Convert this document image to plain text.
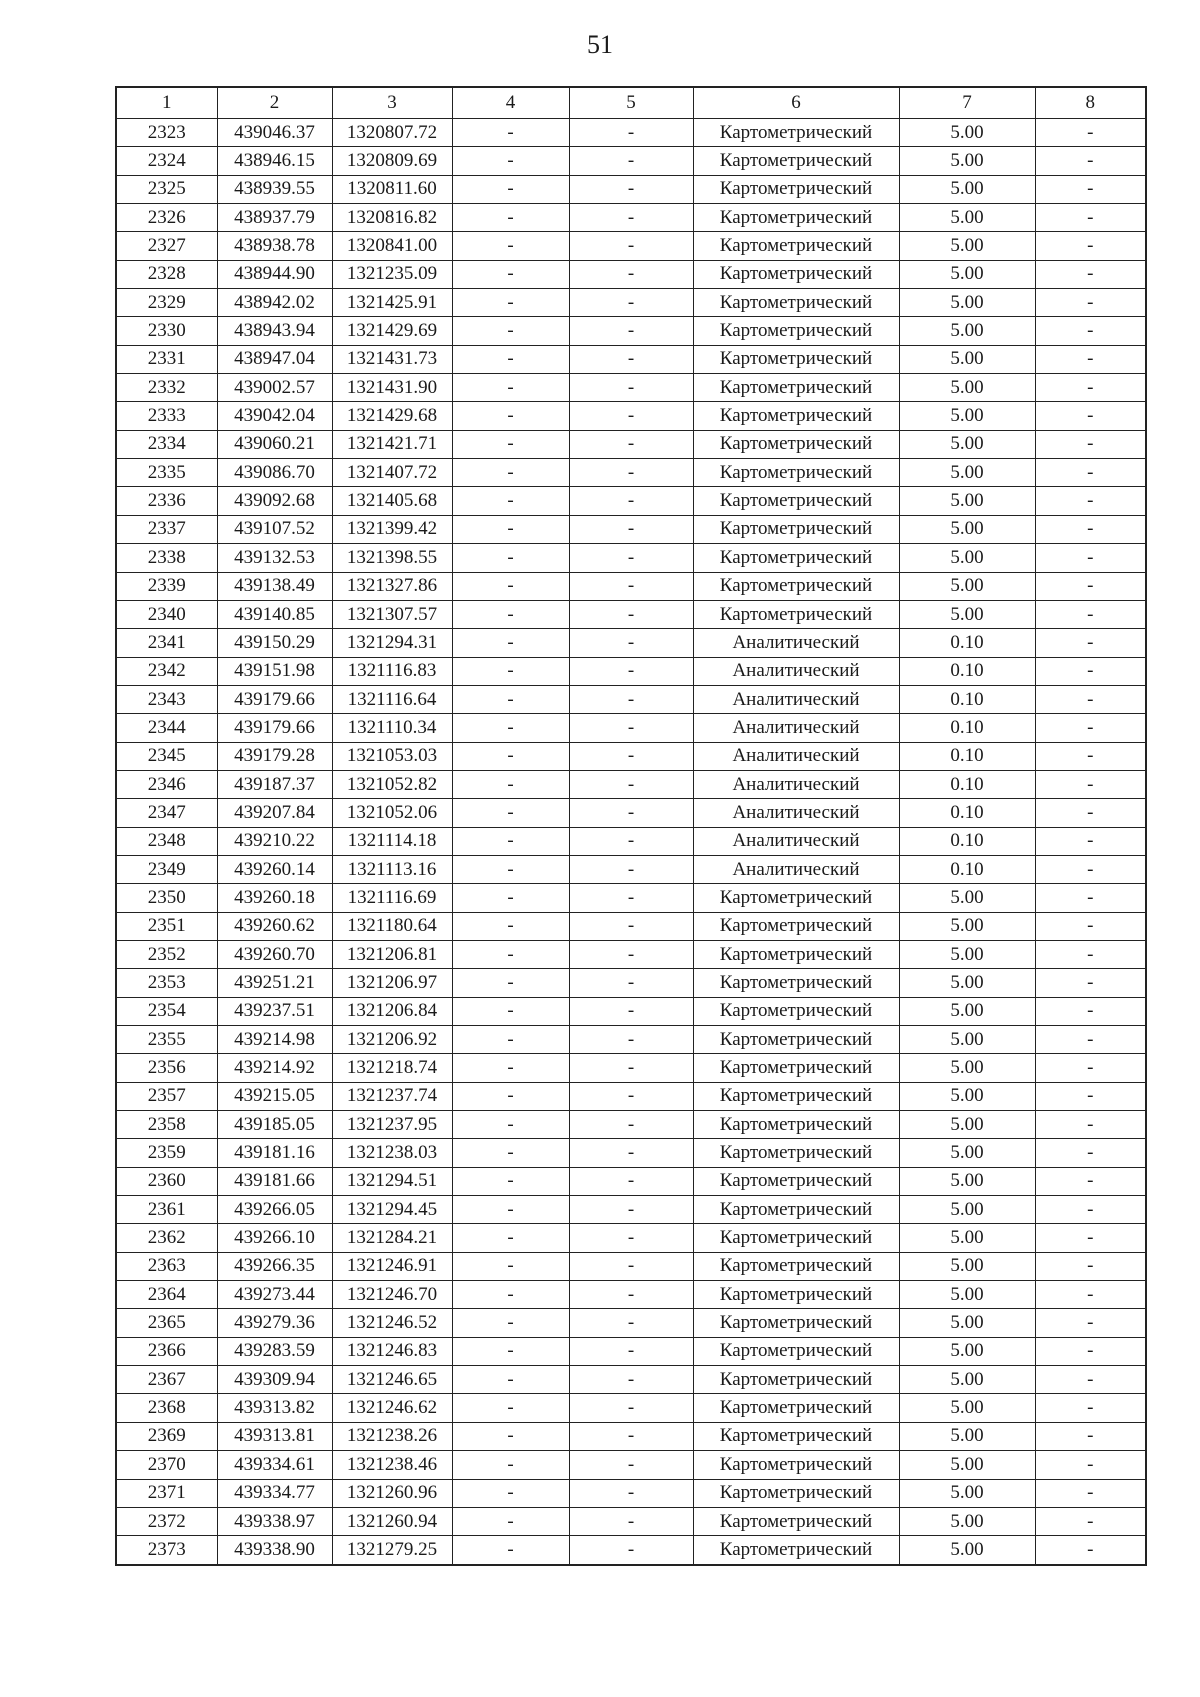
51
1	2	3	4	5	6	7	8
2323	439046.37	1320807.72	-	-	Картометрический	5.00	-
2324	438946.15	1320809.69	-	-	Картометрический	5.00	-
2325	438939.55	1320811.60	-	-	Картометрический	5.00	-
2326	438937.79	1320816.82	-	-	Картометрический	5.00	-
2327	438938.78	1320841.00	-	-	Картометрический	5.00	-
2328	438944.90	1321235.09	-	-	Картометрический	5.00	-
2329	438942.02	1321425.91	-	-	Картометрический	5.00	-
2330	438943.94	1321429.69	-	-	Картометрический	5.00	-
2331	438947.04	1321431.73	-	-	Картометрический	5.00	-
2332	439002.57	1321431.90	-	-	Картометрический	5.00	-
2333	439042.04	1321429.68	-	-	Картометрический	5.00	-
2334	439060.21	1321421.71	-	-	Картометрический	5.00	-
2335	439086.70	1321407.72	-	-	Картометрический	5.00	-
2336	439092.68	1321405.68	-	-	Картометрический	5.00	-
2337	439107.52	1321399.42	-	-	Картометрический	5.00	-
2338	439132.53	1321398.55	-	-	Картометрический	5.00	-
2339	439138.49	1321327.86	-	-	Картометрический	5.00	-
2340	439140.85	1321307.57	-	-	Картометрический	5.00	-
2341	439150.29	1321294.31	-	-	Аналитический	0.10	-
2342	439151.98	1321116.83	-	-	Аналитический	0.10	-
2343	439179.66	1321116.64	-	-	Аналитический	0.10	-
2344	439179.66	1321110.34	-	-	Аналитический	0.10	-
2345	439179.28	1321053.03	-	-	Аналитический	0.10	-
2346	439187.37	1321052.82	-	-	Аналитический	0.10	-
2347	439207.84	1321052.06	-	-	Аналитический	0.10	-
2348	439210.22	1321114.18	-	-	Аналитический	0.10	-
2349	439260.14	1321113.16	-	-	Аналитический	0.10	-
2350	439260.18	1321116.69	-	-	Картометрический	5.00	-
2351	439260.62	1321180.64	-	-	Картометрический	5.00	-
2352	439260.70	1321206.81	-	-	Картометрический	5.00	-
2353	439251.21	1321206.97	-	-	Картометрический	5.00	-
2354	439237.51	1321206.84	-	-	Картометрический	5.00	-
2355	439214.98	1321206.92	-	-	Картометрический	5.00	-
2356	439214.92	1321218.74	-	-	Картометрический	5.00	-
2357	439215.05	1321237.74	-	-	Картометрический	5.00	-
2358	439185.05	1321237.95	-	-	Картометрический	5.00	-
2359	439181.16	1321238.03	-	-	Картометрический	5.00	-
2360	439181.66	1321294.51	-	-	Картометрический	5.00	-
2361	439266.05	1321294.45	-	-	Картометрический	5.00	-
2362	439266.10	1321284.21	-	-	Картометрический	5.00	-
2363	439266.35	1321246.91	-	-	Картометрический	5.00	-
2364	439273.44	1321246.70	-	-	Картометрический	5.00	-
2365	439279.36	1321246.52	-	-	Картометрический	5.00	-
2366	439283.59	1321246.83	-	-	Картометрический	5.00	-
2367	439309.94	1321246.65	-	-	Картометрический	5.00	-
2368	439313.82	1321246.62	-	-	Картометрический	5.00	-
2369	439313.81	1321238.26	-	-	Картометрический	5.00	-
2370	439334.61	1321238.46	-	-	Картометрический	5.00	-
2371	439334.77	1321260.96	-	-	Картометрический	5.00	-
2372	439338.97	1321260.94	-	-	Картометрический	5.00	-
2373	439338.90	1321279.25	-	-	Картометрический	5.00	-
